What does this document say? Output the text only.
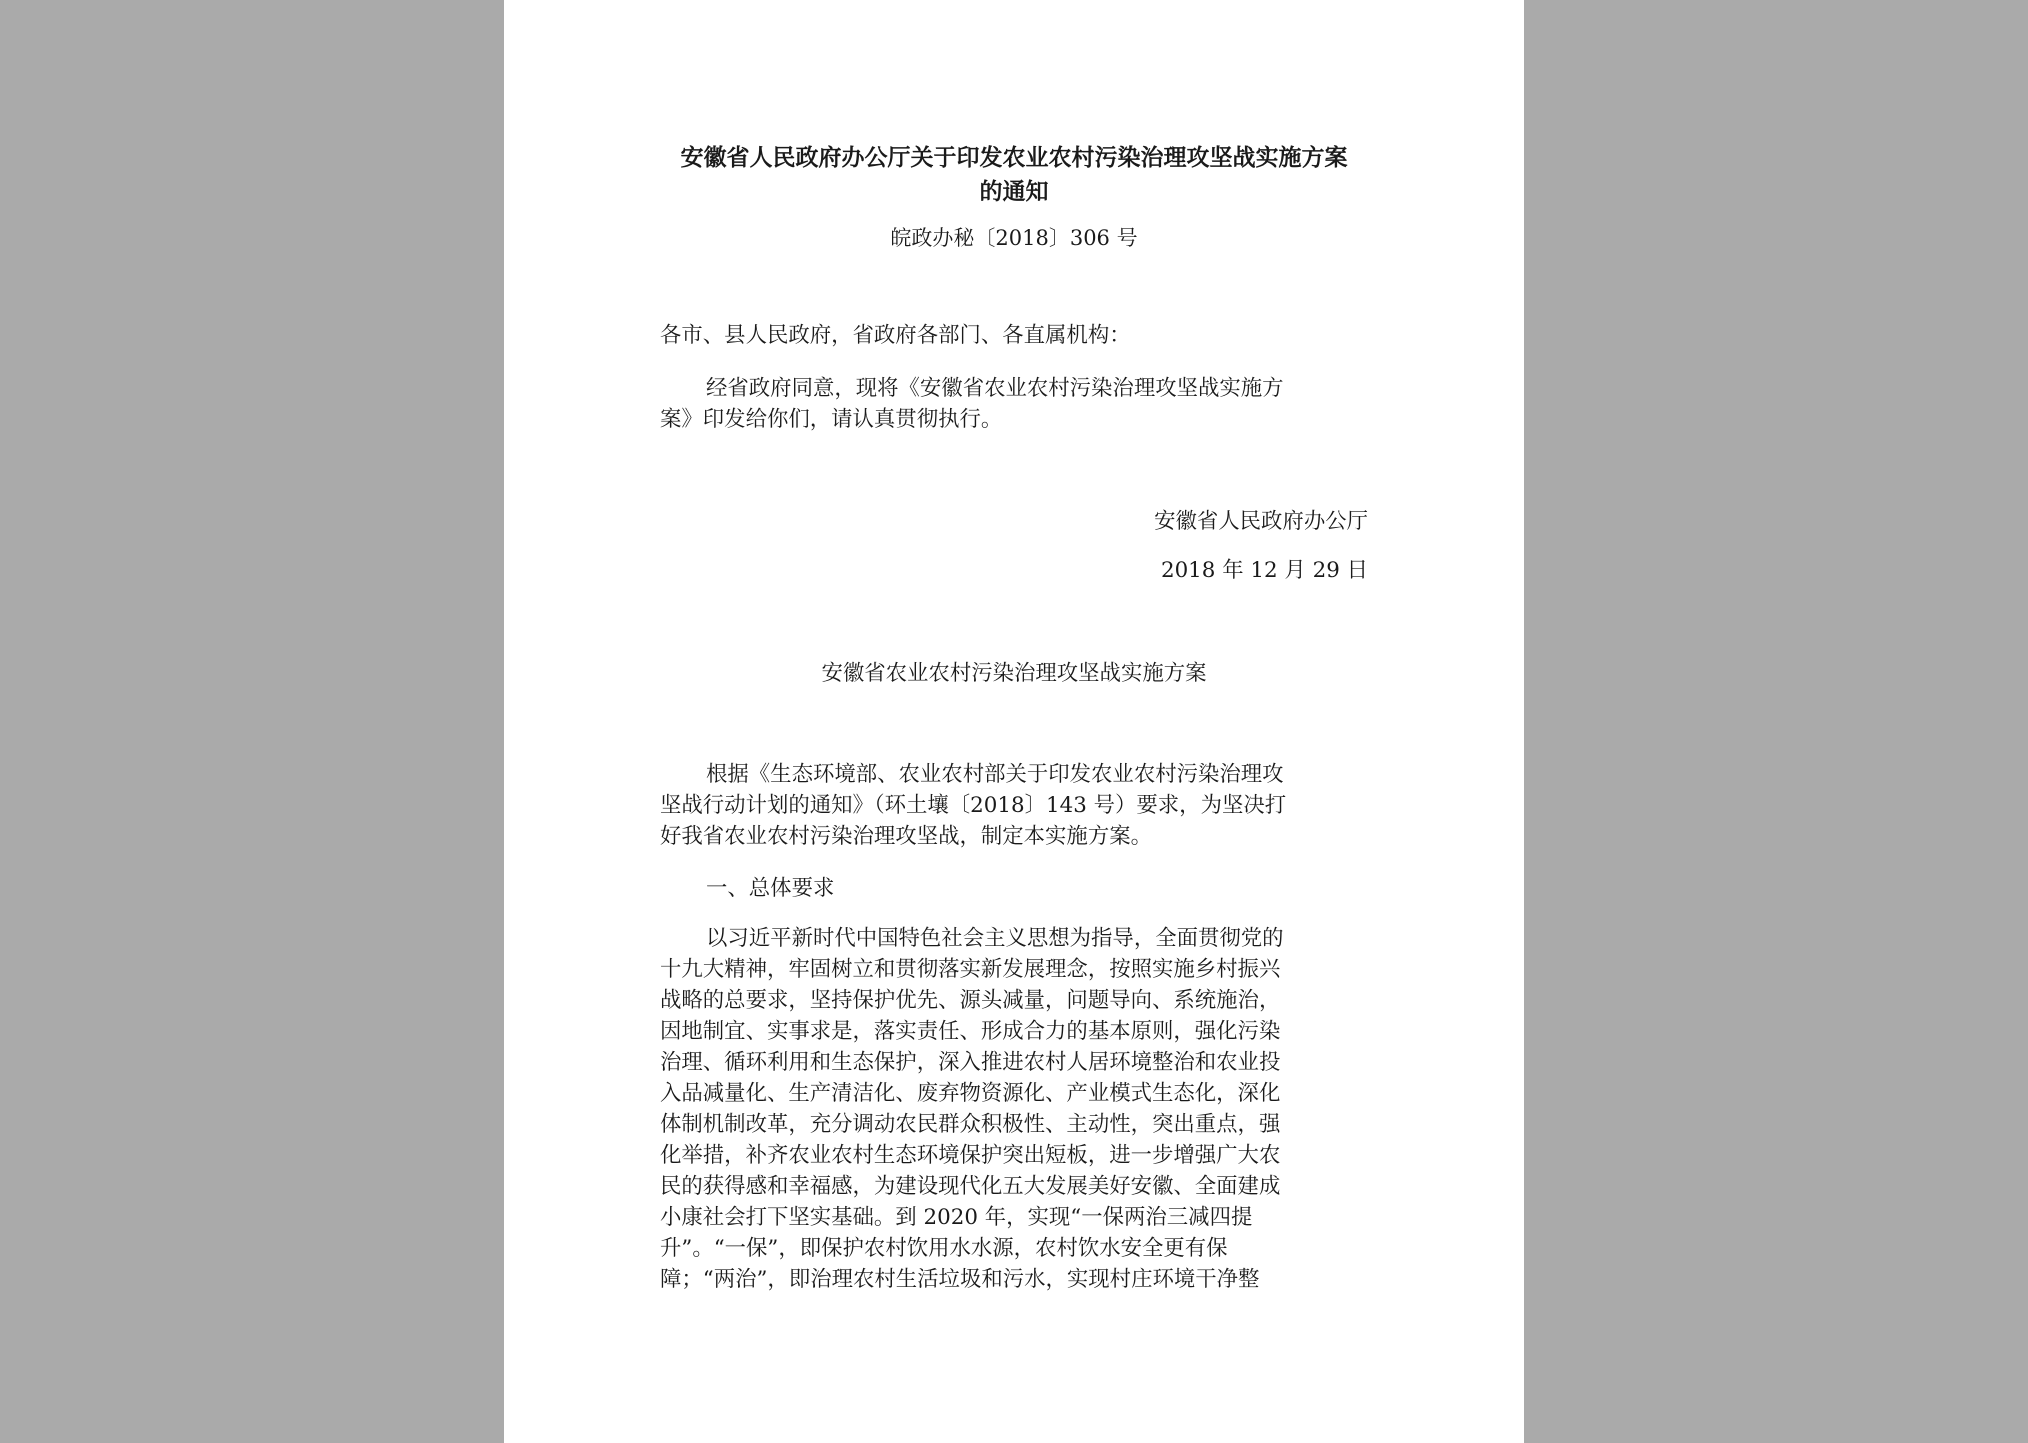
安徽省人民政府办公厅关于印发农业农村污染治理攻坚战实施方案
的通知
皖政办秘〔2018〕306 号
各市、县人民政府，省政府各部门、各直属机构：
经省政府同意，现将《安徽省农业农村污染治理攻坚战实施方
案》印发给你们，请认真贯彻执行。
安徽省人民政府办公厅
2018 年 12 月 29 日
安徽省农业农村污染治理攻坚战实施方案
根据《生态环境部、农业农村部关于印发农业农村污染治理攻
坚战行动计划的通知》（环土壤〔2018〕143 号）要求，为坚决打
好我省农业农村污染治理攻坚战，制定本实施方案。
一、总体要求
以习近平新时代中国特色社会主义思想为指导，全面贯彻党的
十九大精神，牢固树立和贯彻落实新发展理念，按照实施乡村振兴
战略的总要求，坚持保护优先、源头减量，问题导向、系统施治，
因地制宜、实事求是，落实责任、形成合力的基本原则，强化污染
治理、循环利用和生态保护，深入推进农村人居环境整治和农业投
入品减量化、生产清洁化、废弃物资源化、产业模式生态化，深化
体制机制改革，充分调动农民群众积极性、主动性，突出重点，强
化举措，补齐农业农村生态环境保护突出短板，进一步增强广大农
民的获得感和幸福感，为建设现代化五大发展美好安徽、全面建成
小康社会打下坚实基础。到 2020 年，实现“一保两治三减四提
升”。“一保”，即保护农村饮用水水源，农村饮水安全更有保
障；“两治”，即治理农村生活垃圾和污水，实现村庄环境干净整
